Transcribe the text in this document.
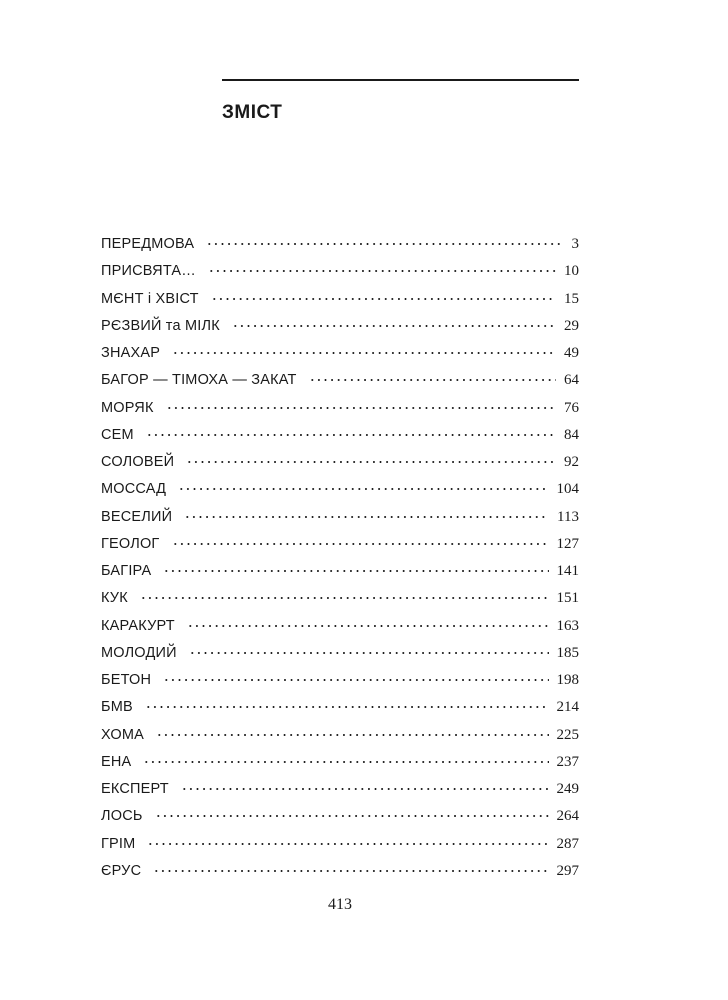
ЗМІСТ
ПЕРЕДМОВА	3
ПРИСВЯТА…	10
МЄНТ і ХВІСТ	15
РЄЗВИЙ та МІЛК	29
ЗНАХАР	49
БАГОР — ТІМОХА — ЗАКАТ	64
МОРЯК	76
СЕМ	84
СОЛОВЕЙ	92
МОССАД	104
ВЕСЕЛИЙ	113
ГЕОЛОГ	127
БАГІРА	141
КУК	151
КАРАКУРТ	163
МОЛОДИЙ	185
БЕТОН	198
БМВ	214
ХОМА	225
ЕНА	237
ЕКСПЕРТ	249
ЛОСЬ	264
ГРІМ	287
ЄРУС	297
413
